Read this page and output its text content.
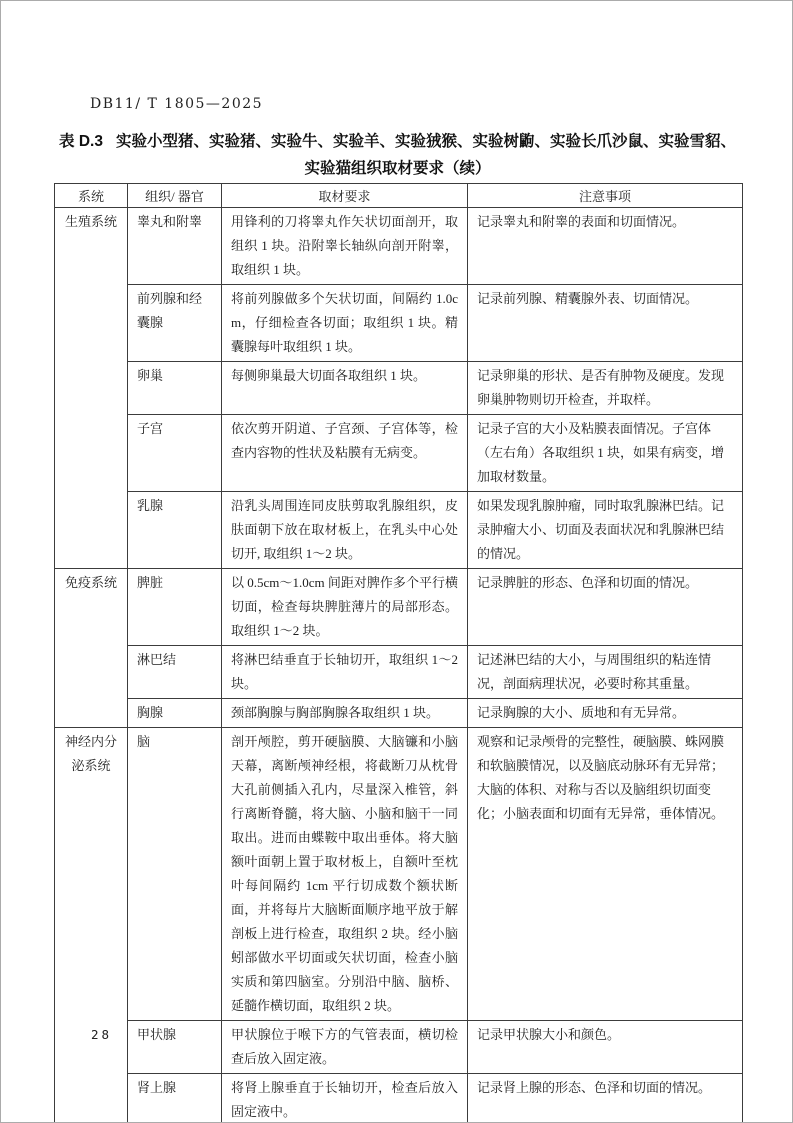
DB11/ T 1805—2025
表 D.3 实验小型猪、实验猪、实验牛、实验羊、实验狨猴、实验树鼩、实验长爪沙鼠、实验雪貂、实验猫组织取材要求（续）
系统	组织/ 器官	取材要求	注意事项
生殖系统	睾丸和附睾	用锋利的刀将睾丸作矢状切面剖开，取组织 1 块。沿附睾长轴纵向剖开附睾，取组织 1 块。	记录睾丸和附睾的表面和切面情况。
	前列腺和经囊腺	将前列腺做多个矢状切面，间隔约 1.0cm，仔细检查各切面；取组织 1 块。精囊腺每叶取组织 1 块。	记录前列腺、精囊腺外表、切面情况。
	卵巢	每侧卵巢最大切面各取组织 1 块。	记录卵巢的形状、是否有肿物及硬度。发现卵巢肿物则切开检查，并取样。
	子宫	依次剪开阴道、子宫颈、子宫体等，检查内容物的性状及粘膜有无病变。	记录子宫的大小及粘膜表面情况。子宫体（左右角）各取组织 1 块，如果有病变，增加取材数量。
	乳腺	沿乳头周围连同皮肤剪取乳腺组织，皮肤面朝下放在取材板上，在乳头中心处切开, 取组织 1～2 块。	如果发现乳腺肿瘤，同时取乳腺淋巴结。记录肿瘤大小、切面及表面状况和乳腺淋巴结的情况。
免疫系统	脾脏	以 0.5cm～1.0cm 间距对脾作多个平行横切面，检查每块脾脏薄片的局部形态。取组织 1～2 块。	记录脾脏的形态、色泽和切面的情况。
	淋巴结	将淋巴结垂直于长轴切开，取组织 1～2 块。	记述淋巴结的大小，与周围组织的粘连情况，剖面病理状况，必要时称其重量。
	胸腺	颈部胸腺与胸部胸腺各取组织 1 块。	记录胸腺的大小、质地和有无异常。
神经内分泌系统	脑	剖开颅腔，剪开硬脑膜、大脑镰和小脑天幕，离断颅神经根，将截断刀从枕骨大孔前侧插入孔内，尽量深入椎管，斜行离断脊髓，将大脑、小脑和脑干一同取出。进而由蝶鞍中取出垂体。将大脑额叶面朝上置于取材板上，自额叶至枕叶每间隔约 1cm 平行切成数个额状断面，并将每片大脑断面顺序地平放于解剖板上进行检查，取组织 2 块。经小脑蚓部做水平切面或矢状切面，检查小脑实质和第四脑室。分别沿中脑、脑桥、延髓作横切面，取组织 2 块。	观察和记录颅骨的完整性，硬脑膜、蛛网膜和软脑膜情况，以及脑底动脉环有无异常；大脑的体积、对称与否以及脑组织切面变化；小脑表面和切面有无异常，垂体情况。
	甲状腺	甲状腺位于喉下方的气管表面，横切检查后放入固定液。	记录甲状腺大小和颜色。
	肾上腺	将肾上腺垂直于长轴切开，检查后放入固定液中。	记录肾上腺的形态、色泽和切面的情况。
28
